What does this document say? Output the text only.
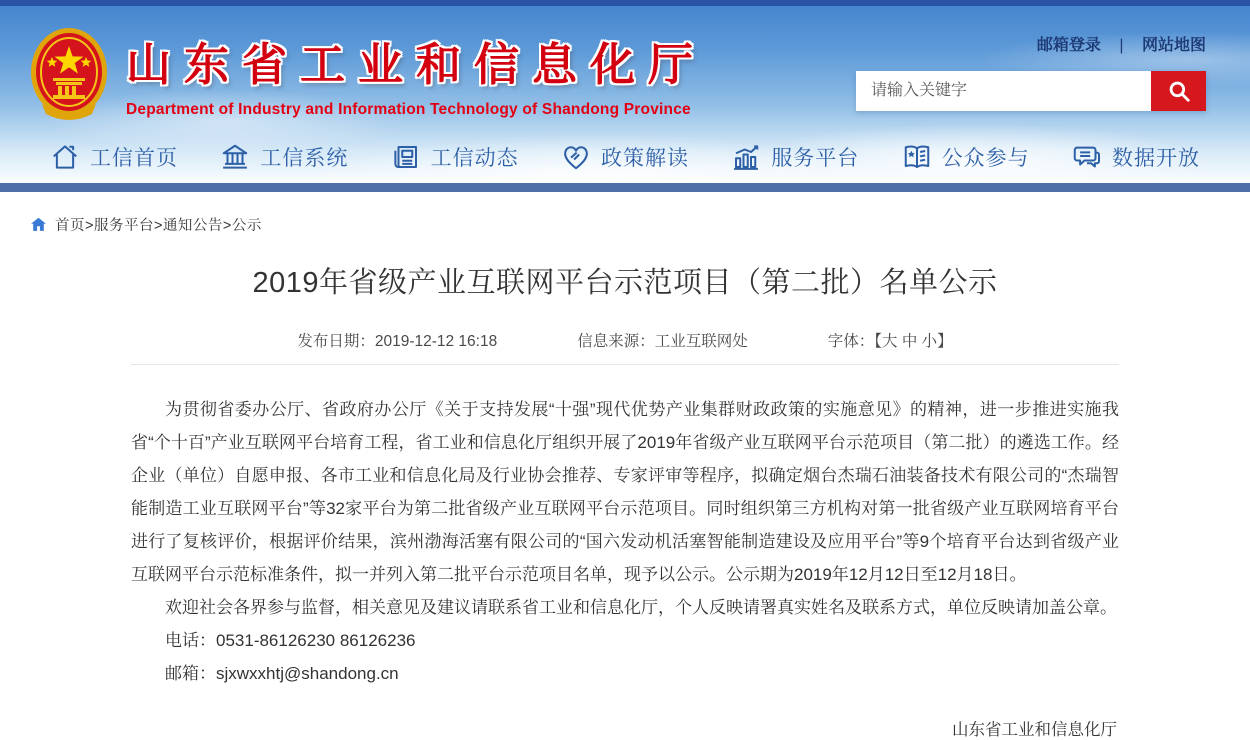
山东省工业和信息化厅
Department of Industry and Information Technology of Shandong Province
邮箱登录 | 网站地图
请输入关键字
工信首页	工信系统	工信动态	政策解读	服务平台	公众参与	数据开放
首页>服务平台>通知公告>公示
2019年省级产业互联网平台示范项目（第二批）名单公示
发布日期：2019-12-12 16:18	信息来源：工业互联网处	字体：【大 中 小】

为贯彻省委办公厅、省政府办公厅《关于支持发展“十强”现代优势产业集群财政政策的实施意见》的精神，进一步推进实施我省“个十百”产业互联网平台培育工程，省工业和信息化厅组织开展了2019年省级产业互联网平台示范项目（第二批）的遴选工作。经企业（单位）自愿申报、各市工业和信息化局及行业协会推荐、专家评审等程序，拟确定烟台杰瑞石油装备技术有限公司的“杰瑞智能制造工业互联网平台”等32家平台为第二批省级产业互联网平台示范项目。同时组织第三方机构对第一批省级产业互联网培育平台进行了复核评价，根据评价结果，滨州渤海活塞有限公司的“国六发动机活塞智能制造建设及应用平台”等9个培育平台达到省级产业互联网平台示范标准条件，拟一并列入第二批平台示范项目名单，现予以公示。公示期为2019年12月12日至12月18日。

欢迎社会各界参与监督，相关意见及建议请联系省工业和信息化厅，个人反映请署真实姓名及联系方式，单位反映请加盖公章。

电话：0531-86126230 86126236

邮箱：sjxwxxhtj@shandong.cn

山东省工业和信息化厅
